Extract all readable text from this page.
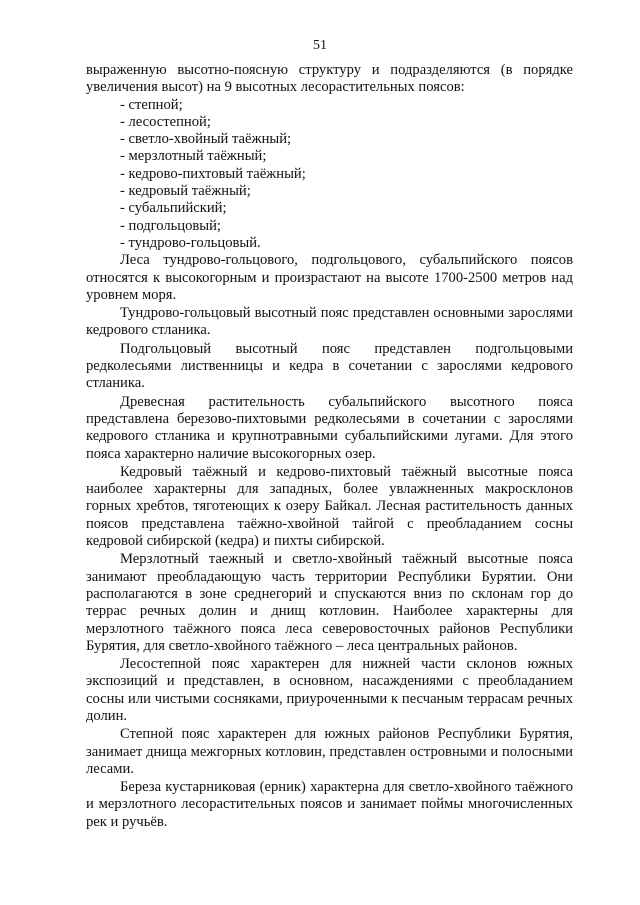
51

выраженную высотно-поясную структуру и подразделяются (в порядке увеличения высот) на 9 высотных лесорастительных поясов:

- степной;
- лесостепной;
- светло-хвойный таёжный;
- мерзлотный таёжный;
- кедрово-пихтовый таёжный;
- кедровый таёжный;
- субальпийский;
- подгольцовый;
- тундрово-гольцовый.

Леса тундрово-гольцового, подгольцового, субальпийского поясов относятся к высокогорным и произрастают на высоте 1700-2500 метров над уровнем моря.

Тундрово-гольцовый высотный пояс представлен основными зарослями кедрового стланика.

Подгольцовый высотный пояс представлен подгольцовыми редколесьями лиственницы и кедра в сочетании с зарослями кедрового стланика.

Древесная растительность субальпийского высотного пояса представлена березово-пихтовыми редколесьями в сочетании с зарослями кедрового стланика и крупнотравными субальпийскими лугами. Для этого пояса характерно наличие высокогорных озер.

Кедровый таёжный и кедрово-пихтовый таёжный высотные пояса наиболее характерны для западных, более увлажненных макросклонов горных хребтов, тяготеющих к озеру Байкал. Лесная растительность данных поясов представлена таёжно-хвойной тайгой с преобладанием сосны кедровой сибирской (кедра) и пихты сибирской.

Мерзлотный таежный и светло-хвойный таёжный высотные пояса занимают преобладающую часть территории Республики Бурятии. Они располагаются в зоне среднегорий и спускаются вниз по склонам гор до террас речных долин и днищ котловин. Наиболее характерны для мерзлотного таёжного пояса леса северовосточных районов Республики Бурятия, для светло-хвойного таёжного – леса центральных районов.

Лесостепной пояс характерен для нижней части склонов южных экспозиций и представлен, в основном, насаждениями с преобладанием сосны или чистыми сосняками, приуроченными к песчаным террасам речных долин.

Степной пояс характерен для южных районов Республики Бурятия, занимает днища межгорных котловин, представлен островными и полосными лесами.

Береза кустарниковая (ерник) характерна для светло-хвойного таёжного и мерзлотного лесорастительных поясов и занимает поймы многочисленных рек и ручьёв.
